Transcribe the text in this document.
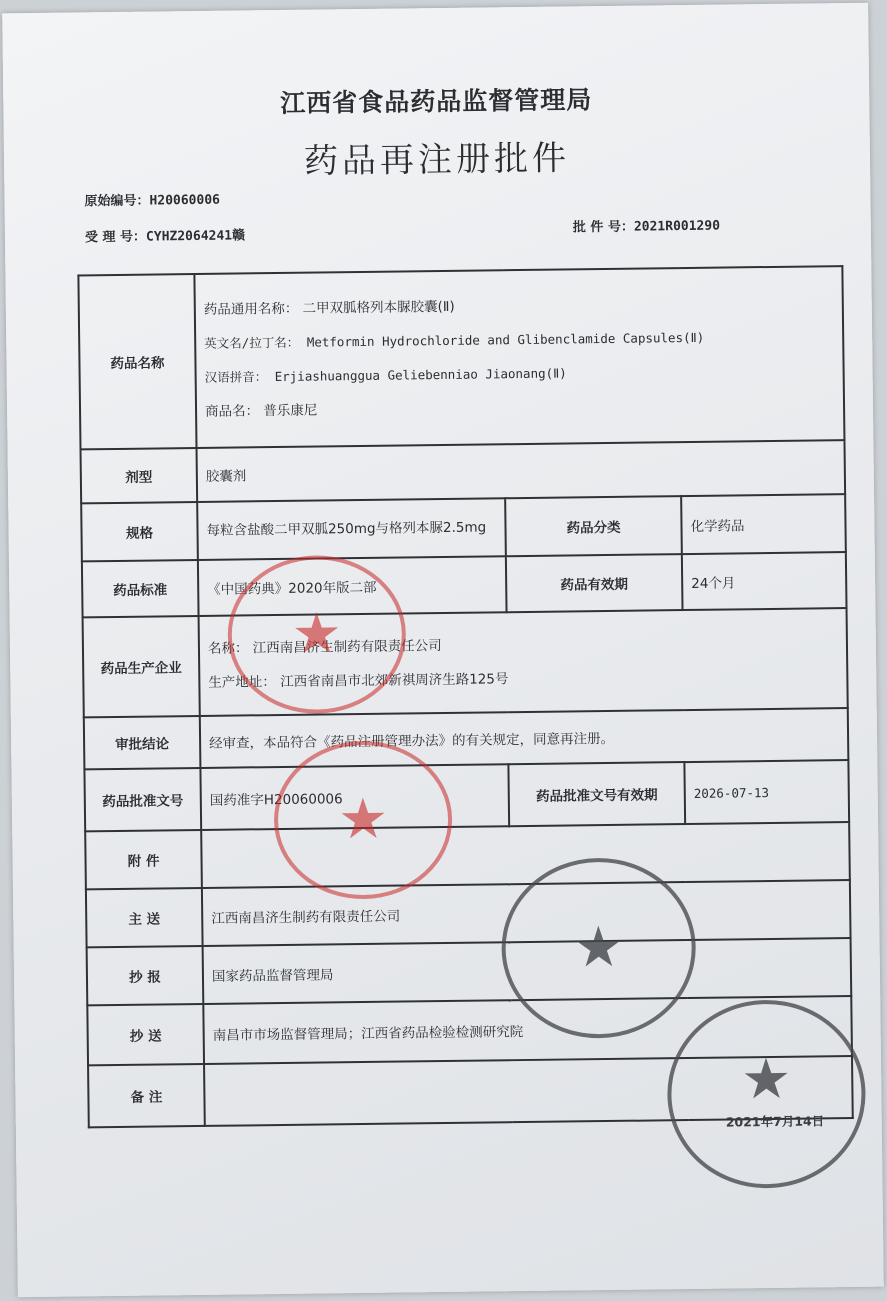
江西省食品药品监督管理局
药品再注册批件
原始编号：H20060006
受 理 号：CYHZ2064241赣
批 件 号：2021R001290
药品名称	药品通用名称： 二甲双胍格列本脲胶囊(Ⅱ)
英文名/拉丁名： Metformin Hydrochloride and Glibenclamide Capsules(Ⅱ)
汉语拼音： Erjiashuanggua Geliebenniao Jiaonang(Ⅱ)
商品名： 普乐康尼		

剂型	胶囊剂		
规格	每粒含盐酸二甲双胍250mg与格列本脲2.5mg	药品分类	化学药品
药品标准	《中国药典》2020年版二部	药品有效期	24个月
药品生产企业	名称： 江西南昌济生制药有限责任公司
生产地址： 江西省南昌市北郊新祺周济生路125号		

审批结论	经审查，本品符合《药品注册管理办法》的有关规定，同意再注册。		
药品批准文号	国药准字H20060006	药品批准文号有效期	2026-07-13
附 件			
主 送	江西南昌济生制药有限责任公司		
抄 报	国家药品监督管理局		
抄 送	南昌市市场监督管理局；江西省药品检验检测研究院		
备 注			
★
★
★
★
2021年7月14日
